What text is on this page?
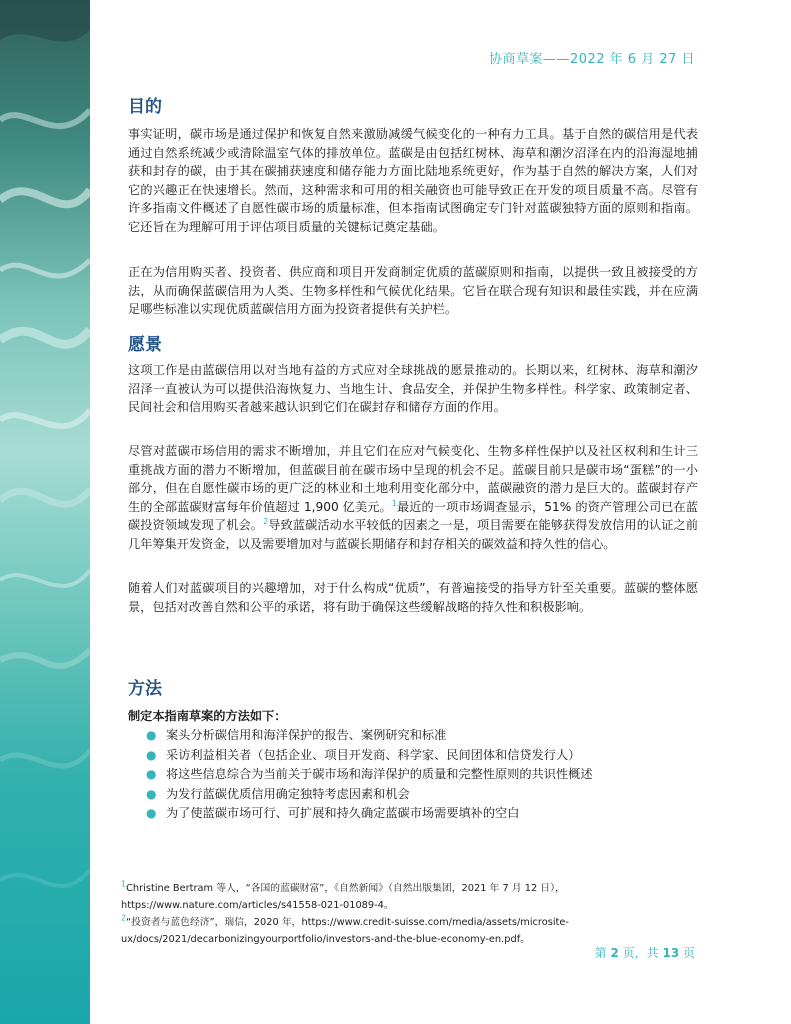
协商草案——2022 年 6 月 27 日
目的

事实证明，碳市场是通过保护和恢复自然来激励减缓气候变化的一种有力工具。基于自然的碳信用是代表通过自然系统减少或清除温室气体的排放单位。蓝碳是由包括红树林、海草和潮汐沼泽在内的沿海湿地捕获和封存的碳，由于其在碳捕获速度和储存能力方面比陆地系统更好，作为基于自然的解决方案，人们对它的兴趣正在快速增长。然而，这种需求和可用的相关融资也可能导致正在开发的项目质量不高。尽管有许多指南文件概述了自愿性碳市场的质量标准，但本指南试图确定专门针对蓝碳独特方面的原则和指南。它还旨在为理解可用于评估项目质量的关键标记奠定基础。

正在为信用购买者、投资者、供应商和项目开发商制定优质的蓝碳原则和指南，以提供一致且被接受的方法，从而确保蓝碳信用为人类、生物多样性和气候优化结果。它旨在联合现有知识和最佳实践，并在应满足哪些标准以实现优质蓝碳信用方面为投资者提供有关护栏。

愿景

这项工作是由蓝碳信用以对当地有益的方式应对全球挑战的愿景推动的。长期以来，红树林、海草和潮汐沼泽一直被认为可以提供沿海恢复力、当地生计、食品安全，并保护生物多样性。科学家、政策制定者、民间社会和信用购买者越来越认识到它们在碳封存和储存方面的作用。

尽管对蓝碳市场信用的需求不断增加，并且它们在应对气候变化、生物多样性保护以及社区权利和生计三重挑战方面的潜力不断增加，但蓝碳目前在碳市场中呈现的机会不足。蓝碳目前只是碳市场“蛋糕”的一小部分，但在自愿性碳市场的更广泛的林业和土地利用变化部分中，蓝碳融资的潜力是巨大的。蓝碳封存产生的全部蓝碳财富每年价值超过 1,900 亿美元。$^1$最近的一项市场调查显示，51% 的资产管理公司已在蓝碳投资领域发现了机会。$^2$导致蓝碳活动水平较低的因素之一是，项目需要在能够获得发放信用的认证之前几年筹集开发资金，以及需要增加对与蓝碳长期储存和封存相关的碳效益和持久性的信心。

随着人们对蓝碳项目的兴趣增加，对于什么构成“优质”，有普遍接受的指导方针至关重要。蓝碳的整体愿景，包括对改善自然和公平的承诺，将有助于确保这些缓解战略的持久性和积极影响。

方法
制定本指南草案的方法如下：
● 案头分析碳信用和海洋保护的报告、案例研究和标准
● 采访利益相关者（包括企业、项目开发商、科学家、民间团体和信贷发行人）
● 将这些信息综合为当前关于碳市场和海洋保护的质量和完整性原则的共识性概述
● 为发行蓝碳优质信用确定独特考虑因素和机会
● 为了使蓝碳市场可行、可扩展和持久确定蓝碳市场需要填补的空白
$^1$Christine Bertram 等人，“各国的蓝碳财富”，《自然新闻》（自然出版集团，2021 年 7 月 12 日），
https://www.nature.com/articles/s41558-021-01089-4。
$^2$“投资者与蓝色经济”，瑞信，2020 年，https://www.credit-suisse.com/media/assets/microsite-
ux/docs/2021/decarbonizingyourportfolio/investors-and-the-blue-economy-en.pdf。
第 2 页，共 13 页
